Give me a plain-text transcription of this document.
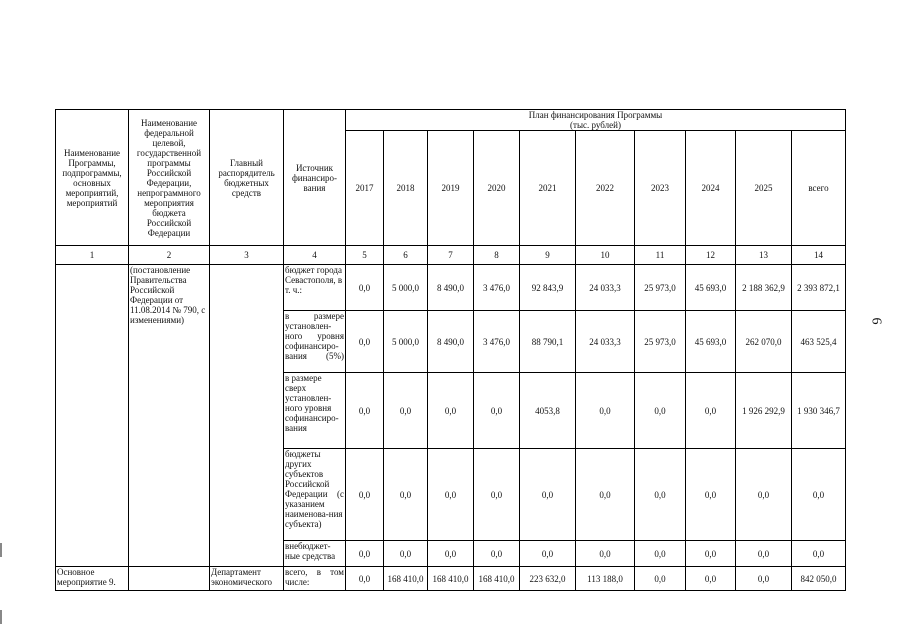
Наименование Программы, подпрограммы, основных мероприятий, мероприятий	Наименование федеральной целевой, государственной программы Российской Федерации, непрограммного мероприятия бюджета Российской Федерации	Главный распорядитель бюджетных средств	Источник финансиро-вания	План финансирования Программы
(тыс. рублей)									

				2017	2018	2019	2020	2021	2022	2023	2024	2025	всего
1	2	3	4	5	6	7	8	9	10	11	12	13	14
	(постановление Правительства Российской Федерации от 11.08.2014 № 790, с изменениями)		бюджет города Севастополя, в т. ч.:	0,0	5 000,0	8 490,0	3 476,0	92 843,9	24 033,3	25 973,0	45 693,0	2 188 362,9	2 393 872,1
			в размере установлен-ного уровня софинансиро-вания (5%)	0,0	5 000,0	8 490,0	3 476,0	88 790,1	24 033,3	25 973,0	45 693,0	262 070,0	463 525,4
			в размере сверх установлен-ного уровня софинансиро-вания	0,0	0,0	0,0	0,0	4053,8	0,0	0,0	0,0	1 926 292,9	1 930 346,7
			бюджеты других субъектов Российской Федерации (с указанием наименова-ния субъекта)	0,0	0,0	0,0	0,0	0,0	0,0	0,0	0,0	0,0	0,0
			внебюджет-ные средства	0,0	0,0	0,0	0,0	0,0	0,0	0,0	0,0	0,0	0,0
Основное мероприятие 9.		Департамент экономического	всего, в том числе:	0,0	168 410,0	168 410,0	168 410,0	223 632,0	113 188,0	0,0	0,0	0,0	842 050,0
6
